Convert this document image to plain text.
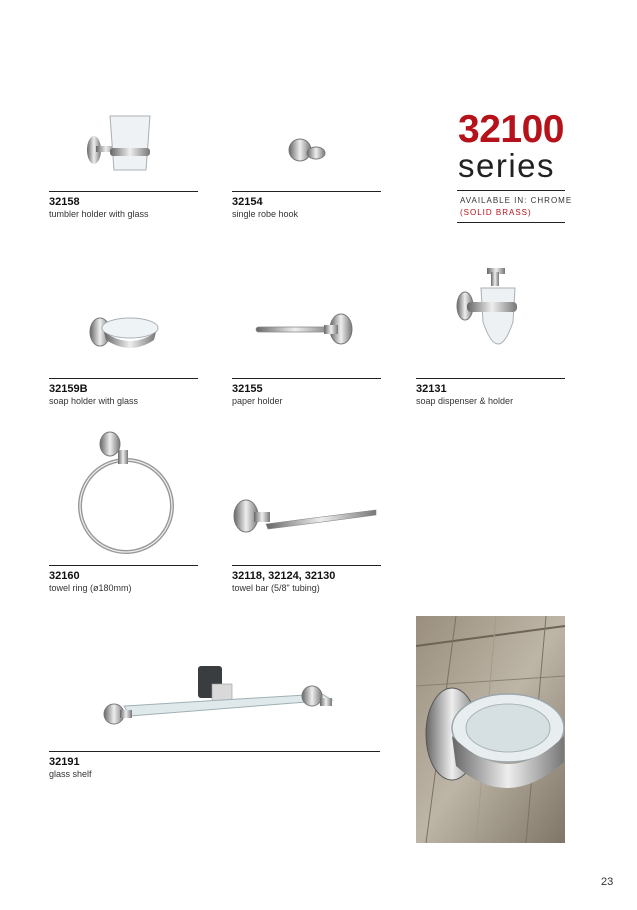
32100
series
AVAILABLE IN: CHROME
(SOLID BRASS)
32158
tumbler holder with glass
32154
single robe hook
32159B
soap holder with glass
32155
paper holder
32131
soap dispenser & holder
32160
towel ring (ø180mm)
32118, 32124, 32130
towel bar (5/8" tubing)
32191
glass shelf
23
